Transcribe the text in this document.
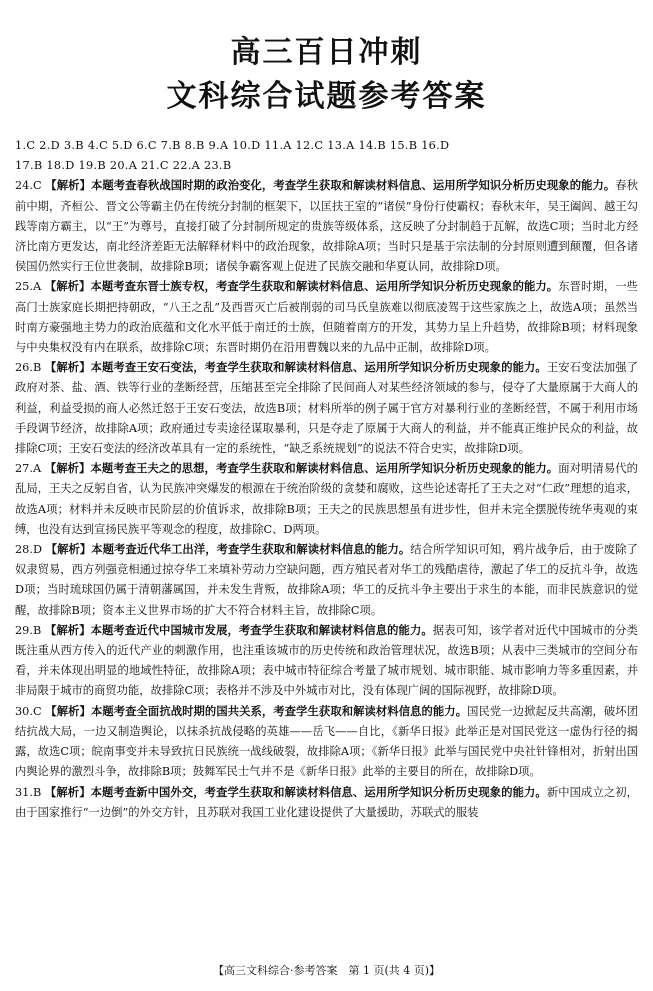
高三百日冲刺
文科综合试题参考答案

1.C 2.D 3.B 4.C 5.D 6.C 7.B 8.B 9.A 10.D 11.A 12.C 13.A 14.B 15.B 16.D

17.B 18.D 19.B 20.A 21.C 22.A 23.B

24.C 【解析】本题考查春秋战国时期的政治变化，考查学生获取和解读材料信息、运用所学知识分析历史现象的能力。春秋前中期，齐桓公、晋文公等霸主仍在传统分封制的框架下，以匡扶王室的“诸侯”身份行使霸权；春秋末年，吴王阖闾、越王勾践等南方霸主，以“王”为尊号，直接打破了分封制所规定的贵族等级体系，这反映了分封制趋于瓦解，故选C项；当时北方经济比南方更发达，南北经济差距无法解释材料中的政治现象，故排除A项；当时只是基于宗法制的分封原则遭到颠覆，但各诸侯国仍然实行王位世袭制，故排除B项；诸侯争霸客观上促进了民族交融和华夏认同，故排除D项。

25.A 【解析】本题考查东晋士族专权，考查学生获取和解读材料信息、运用所学知识分析历史现象的能力。东晋时期，一些高门士族家庭长期把持朝政，“八王之乱”及西晋灭亡后被削弱的司马氏皇族难以彻底凌驾于这些家族之上，故选A项；虽然当时南方豪强地主势力的政治底蕴和文化水平低于南迁的士族，但随着南方的开发，其势力呈上升趋势，故排除B项；材料现象与中央集权没有内在联系，故排除C项；东晋时期仍在沿用曹魏以来的九品中正制，故排除D项。

26.B 【解析】本题考查王安石变法，考查学生获取和解读材料信息、运用所学知识分析历史现象的能力。王安石变法加强了政府对茶、盐、酒、铁等行业的垄断经营，压缩甚至完全排除了民间商人对某些经济领域的参与，侵夺了大量原属于大商人的利益，利益受损的商人必然迁怒于王安石变法，故选B项；材料所举的例子属于官方对暴利行业的垄断经营，不属于利用市场手段调节经济，故排除A项；政府通过专卖途径谋取暴利，只是夺走了原属于大商人的利益，并不能真正维护民众的利益，故排除C项；王安石变法的经济改革具有一定的系统性，“缺乏系统规划”的说法不符合史实，故排除D项。

27.A 【解析】本题考查王夫之的思想，考查学生获取和解读材料信息、运用所学知识分析历史现象的能力。面对明清易代的乱局，王夫之反躬自省，认为民族冲突爆发的根源在于统治阶级的贪婪和腐败，这些论述寄托了王夫之对“仁政”理想的追求，故选A项；材料并未反映市民阶层的价值诉求，故排除B项；王夫之的民族思想虽有进步性，但并未完全摆脱传统华夷观的束缚，也没有达到宣扬民族平等观念的程度，故排除C、D两项。

28.D 【解析】本题考查近代华工出洋，考查学生获取和解读材料信息的能力。结合所学知识可知，鸦片战争后，由于废除了奴隶贸易，西方列强竞相通过掠夺华工来填补劳动力空缺问题，西方殖民者对华工的残酷虐待，激起了华工的反抗斗争，故选D项；当时琉球国仍属于清朝藩属国，并未发生背叛，故排除A项；华工的反抗斗争主要出于求生的本能，而非民族意识的觉醒，故排除B项；资本主义世界市场的扩大不符合材料主旨，故排除C项。

29.B 【解析】本题考查近代中国城市发展，考查学生获取和解读材料信息的能力。据表可知，该学者对近代中国城市的分类既注重从西方传入的近代产业的刺激作用，也注重该城市的历史传统和政治管理状况，故选B项；从表中三类城市的空间分布看，并未体现出明显的地域性特征，故排除A项；表中城市特征综合考量了城市规划、城市职能、城市影响力等多重因素，并非局限于城市的商贸功能，故排除C项；表格并不涉及中外城市对比，没有体现广阔的国际视野，故排除D项。

30.C 【解析】本题考查全面抗战时期的国共关系，考查学生获取和解读材料信息的能力。国民党一边掀起反共高潮，破坏团结抗战大局，一边又制造舆论，以抹杀抗战侵略的英雄——岳飞——自比，《新华日报》此举正是对国民党这一虚伪行径的揭露，故选C项；皖南事变并未导致抗日民族统一战线破裂，故排除A项；《新华日报》此举与国民党中央社针锋相对，折射出国内舆论界的激烈斗争，故排除B项；鼓舞军民士气并不是《新华日报》此举的主要目的所在，故排除D项。

31.B 【解析】本题考查新中国外交，考查学生获取和解读材料信息、运用所学知识分析历史现象的能力。新中国成立之初，由于国家推行“一边倒”的外交方针，且苏联对我国工业化建设提供了大量援助，苏联式的服装

【高三文科综合·参考答案　第 1 页(共 4 页)】
